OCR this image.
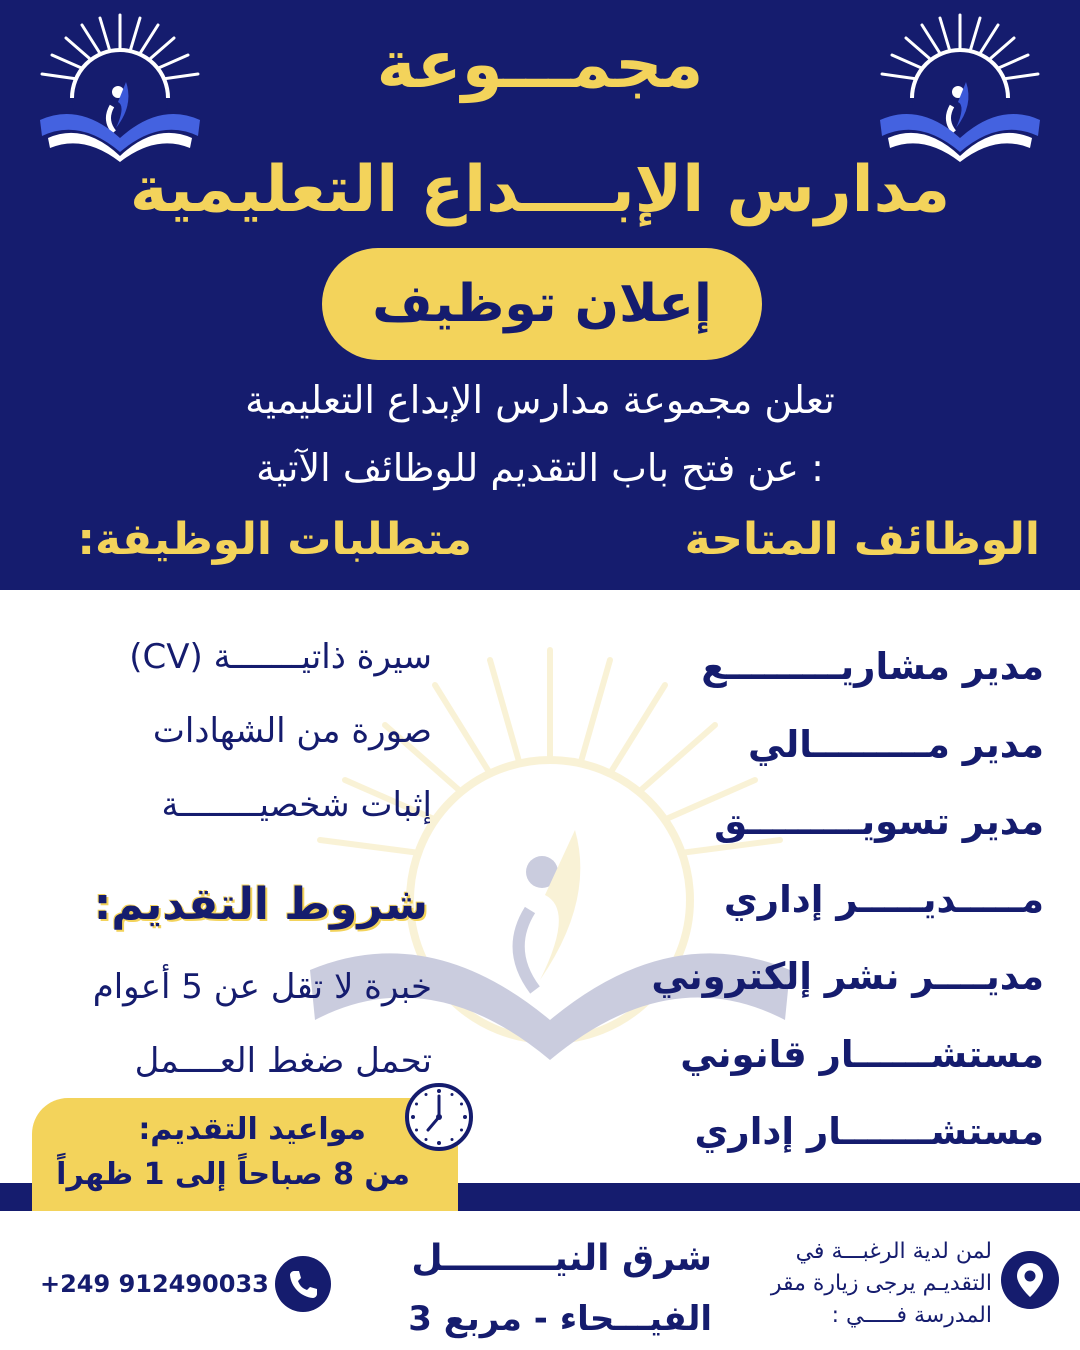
مجمـــوعة
مدارس الإبــــداع التعليمية
إعلان توظيف
تعلن مجموعة مدارس الإبداع التعليمية
عن فتح باب التقديم للوظائف الآتية :
الوظائف المتاحة
متطلبات الوظيفة:
مدير مشاريـــــــــع
مدير مـــــــــالي
مدير تسويـــــــــق
مـــــديـــــر إداري
مديــــر نشر إلكتروني
مستشــــــار قانوني
مستشـــــــار إداري
سيرة ذاتيـــــــة (CV)
صورة من الشهادات
إثبات شخصيــــــــة
شروط التقديم:
خبرة لا تقل عن 5 أعوام
تحمل ضغط العــــمل
مواعيد التقديم:
من 8 صباحاً إلى 1 ظهراً
لمن لدية الرغبـــة في التقديـم يرجى زيارة مقر المدرسة فـــــي :
شرق النيـــــــــل
الفيـــحاء - مربع 3
+249 912490033
